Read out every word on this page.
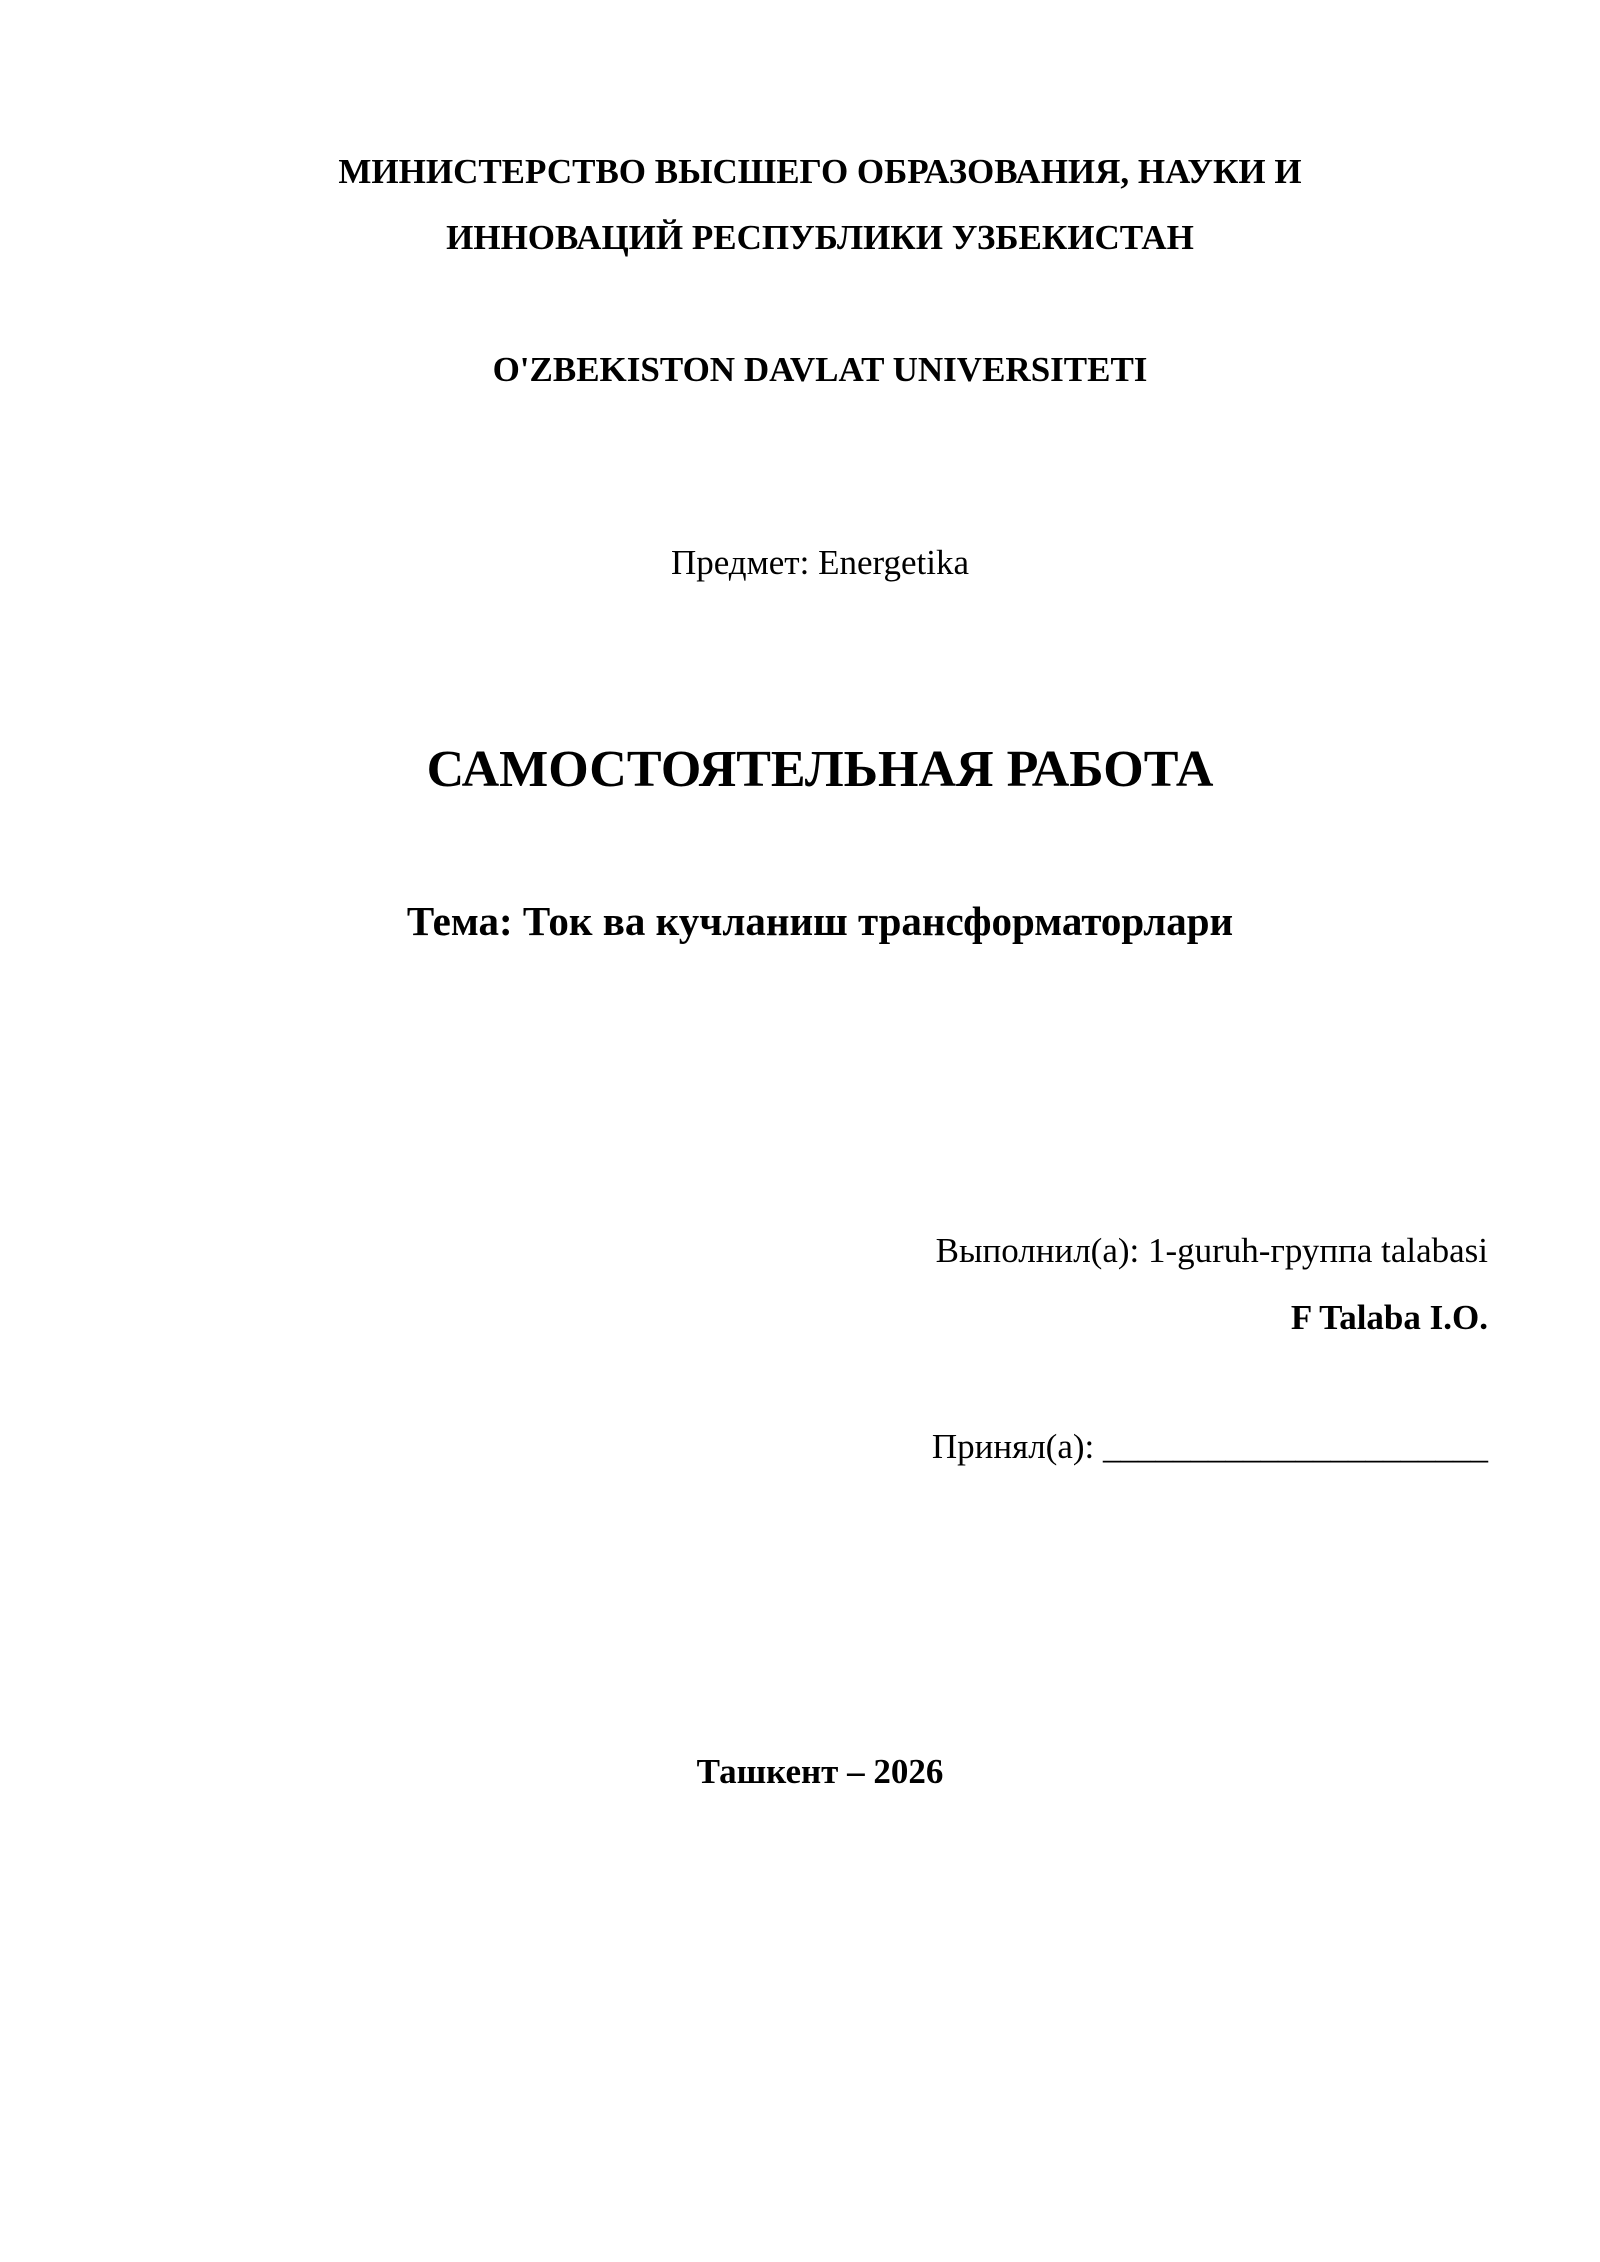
МИНИСТЕРСТВО ВЫСШЕГО ОБРАЗОВАНИЯ, НАУКИ И
ИННОВАЦИЙ РЕСПУБЛИКИ УЗБЕКИСТАН
O'ZBEKISTON DAVLAT UNIVERSITETI
Предмет: Energetika
САМОСТОЯТЕЛЬНАЯ РАБОТА
Тема: Ток ва кучланиш трансформаторлари
Выполнил(а): 1-guruh-группа talabasi
F Talaba I.O.
Принял(а): ______________________
Ташкент – 2026
